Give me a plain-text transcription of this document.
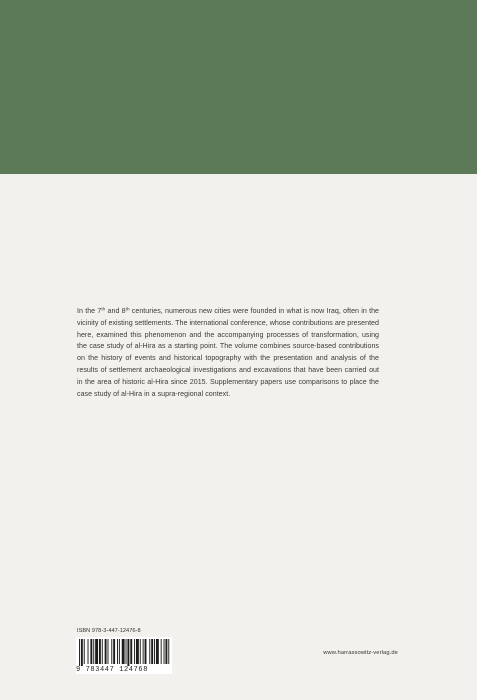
In the 7th and 8th centuries, numerous new cities were founded in what is now Iraq, often in the vicinity of existing settlements. The international conference, whose contributions are presented here, examined this phenomenon and the accompanying processes of transformation, using the case study of al-Hira as a starting point. The volume combines source-based contributions on the history of events and historical topography with the presentation and analysis of the results of settlement archaeological investigations and excavations that have been carried out in the area of historic al-Hira since 2015. Supplementary papers use comparisons to place the case study of al-Hira in a supra-regional context.

ISBN 978-3-447-12476-8
9 783447 124768
www.harrassowitz-verlag.de
